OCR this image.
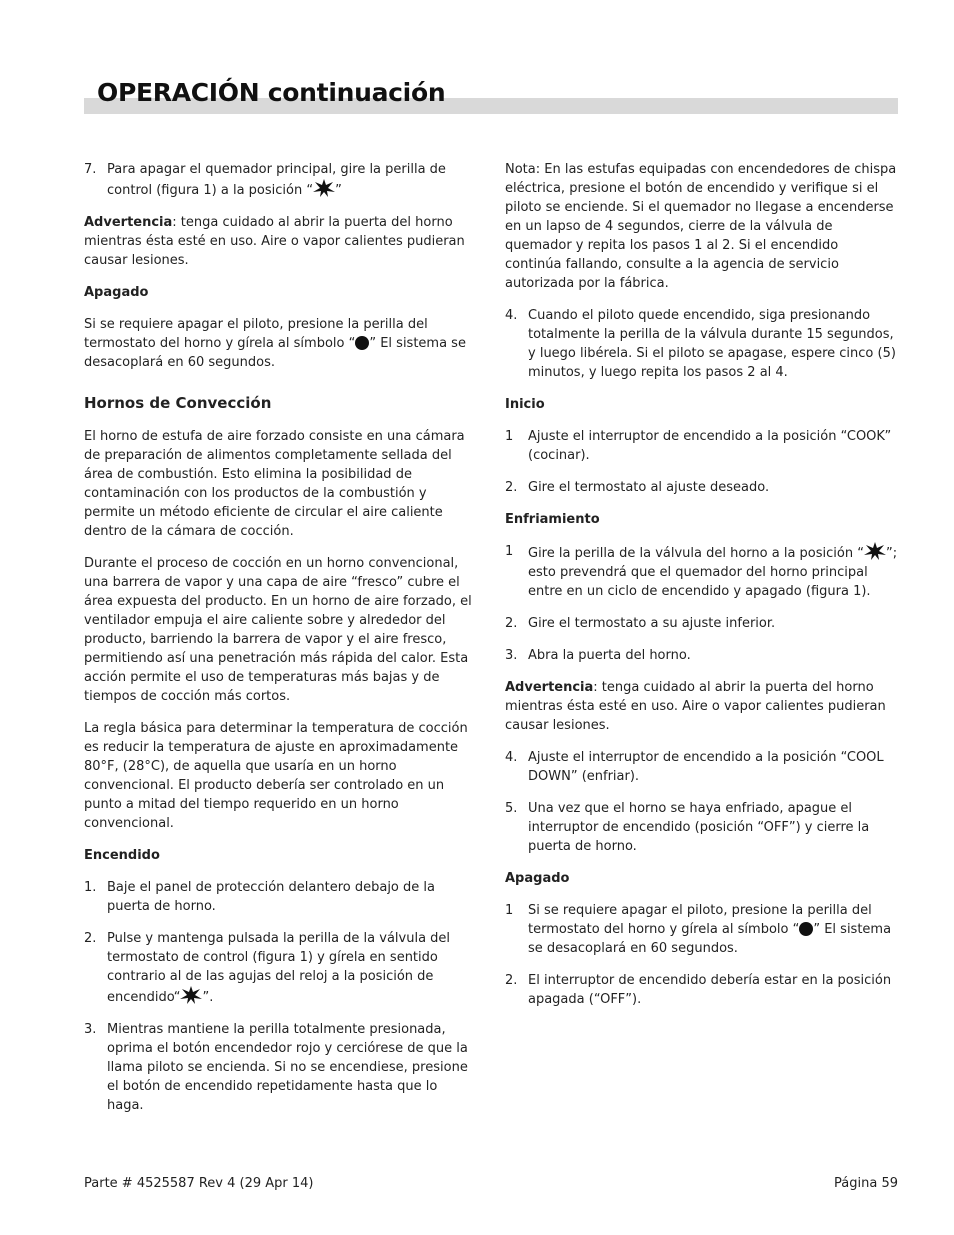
OPERACIÓN continuación
7. Para apagar el quemador principal, gire la perilla de control (figura 1) a la posición “ ”

Advertencia: tenga cuidado al abrir la puerta del horno mientras ésta esté en uso. Aire o vapor calientes pudieran causar lesiones.

Apagado

Si se requiere apagar el piloto, presione la perilla del termostato del horno y gírela al símbolo “ ” El sistema se desacoplará en 60 segundos.

Hornos de Convección

El horno de estufa de aire forzado consiste en una cámara de preparación de alimentos completamente sellada del área de combustión. Esto elimina la posibilidad de contaminación con los productos de la combustión y permite un método eficiente de circular el aire caliente dentro de la cámara de cocción.

Durante el proceso de cocción en un horno convencional, una barrera de vapor y una capa de aire “fresco” cubre el área expuesta del producto. En un horno de aire forzado, el ventilador empuja el aire caliente sobre y alrededor del producto, barriendo la barrera de vapor y el aire fresco, permitiendo así una penetración más rápida del calor. Esta acción permite el uso de temperaturas más bajas y de tiempos de cocción más cortos.

La regla básica para determinar la temperatura de cocción es reducir la temperatura de ajuste en aproximadamente 80°F, (28°C), de aquella que usaría en un horno convencional. El producto debería ser controlado en un punto a mitad del tiempo requerido en un horno convencional.

Encendido
1. Baje el panel de protección delantero debajo de la puerta de horno.
2. Pulse y mantenga pulsada la perilla de la válvula del termostato de control (figura 1) y gírela en sentido contrario al de las agujas del reloj a la posición de encendido“ ”.
3. Mientras mantiene la perilla totalmente presionada, oprima el botón encendedor rojo y cerciórese de que la llama piloto se encienda. Si no se encendiese, presione el botón de encendido repetidamente hasta que lo haga.

Nota: En las estufas equipadas con encendedores de chispa eléctrica, presione el botón de encendido y verifique si el piloto se enciende. Si el quemador no llegase a encenderse en un lapso de 4 segundos, cierre de la válvula de quemador y repita los pasos 1 al 2. Si el encendido continúa fallando, consulte a la agencia de servicio autorizada por la fábrica.

4. Cuando el piloto quede encendido, siga presionando totalmente la perilla de la válvula durante 15 segundos, y luego libérela. Si el piloto se apagase, espere cinco (5) minutos, y luego repita los pasos 2 al 4.
Inicio
1 Ajuste el interruptor de encendido a la posición “COOK” (cocinar).
2. Gire el termostato al ajuste deseado.
Enfriamiento
1 Gire la perilla de la válvula del horno a la posición “ ”; esto prevendrá que el quemador del horno principal entre en un ciclo de encendido y apagado (figura 1).
2. Gire el termostato a su ajuste inferior.
3. Abra la puerta del horno.

Advertencia: tenga cuidado al abrir la puerta del horno mientras ésta esté en uso. Aire o vapor calientes pudieran causar lesiones.

4. Ajuste el interruptor de encendido a la posición “COOL DOWN” (enfriar).
5. Una vez que el horno se haya enfriado, apague el interruptor de encendido (posición “OFF”) y cierre la puerta de horno.
Apagado
1 Si se requiere apagar el piloto, presione la perilla del termostato del horno y gírela al símbolo “ ” El sistema se desacoplará en 60 segundos.
2. El interruptor de encendido debería estar en la posición apagada (“OFF”).
Parte # 4525587 Rev 4 (29 Apr 14)	Página 59
